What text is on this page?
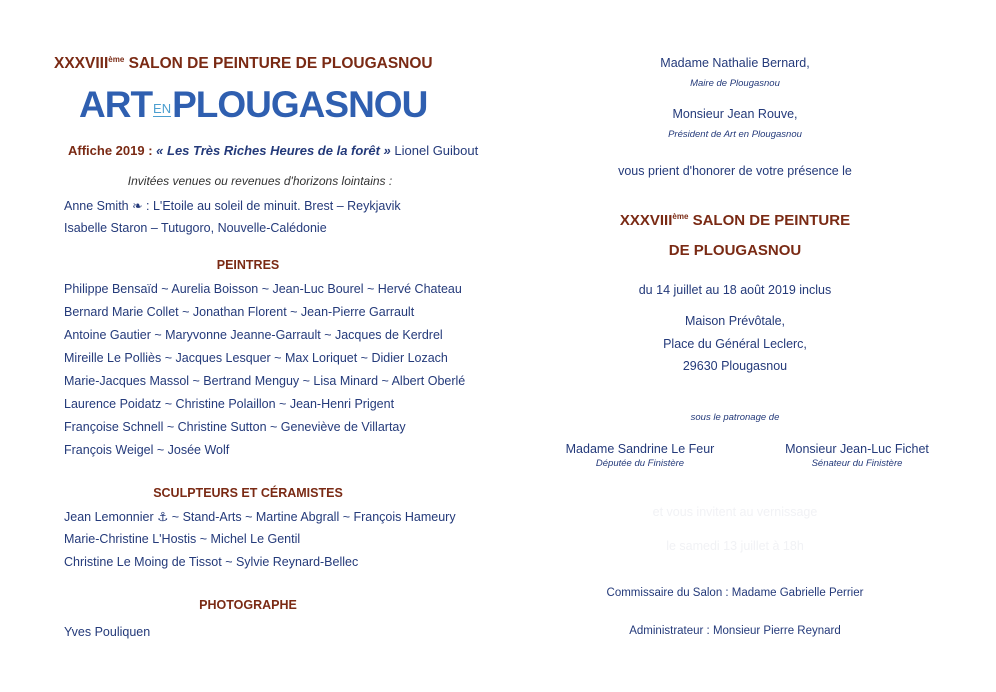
XXXVIIIème SALON DE PEINTURE DE PLOUGASNOU
ARTENPLOUGASNOU
Affiche 2019 : « Les Très Riches Heures de la forêt » Lionel Guibout
Invitées venues ou revenues d'horizons lointains :
Anne Smith ❧ : L'Etoile au soleil de minuit. Brest – Reykjavik
Isabelle Staron – Tutugoro, Nouvelle-Calédonie
PEINTRES
Philippe Bensaïd ~ Aurelia Boisson ~ Jean-Luc Bourel ~ Hervé Chateau
Bernard Marie Collet ~ Jonathan Florent ~ Jean-Pierre Garrault
Antoine Gautier ~ Maryvonne Jeanne-Garrault ~ Jacques de Kerdrel
Mireille Le Polliès ~ Jacques Lesquer ~ Max Loriquet ~ Didier Lozach
Marie-Jacques Massol ~ Bertrand Menguy ~ Lisa Minard ~ Albert Oberlé
Laurence Poidatz ~ Christine Polaillon ~ Jean-Henri Prigent
Françoise Schnell ~ Christine Sutton ~ Geneviève de Villartay
François Weigel ~ Josée Wolf
SCULPTEURS ET CÉRAMISTES
Jean Lemonnier ⚓ ~ Stand-Arts ~ Martine Abgrall ~ François Hameury
Marie-Christine L'Hostis ~ Michel Le Gentil
Christine Le Moing de Tissot ~ Sylvie Reynard-Bellec
PHOTOGRAPHE
Yves Pouliquen
Madame Nathalie Bernard,
Maire de Plougasnou
Monsieur Jean Rouve,
Président de Art en Plougasnou
vous prient d'honorer de votre présence le
XXXVIIIème SALON DE PEINTURE
DE PLOUGASNOU
du 14 juillet au 18 août 2019 inclus
Maison Prévôtale,
Place du Général Leclerc,
29630 Plougasnou
sous le patronage de
Madame Sandrine Le Feur
Députée du Finistère
Monsieur Jean-Luc Fichet
Sénateur du Finistère
et vous invitent au vernissage
le samedi 13 juillet à 18h
Commissaire du Salon : Madame Gabrielle Perrier
Administrateur : Monsieur Pierre Reynard
